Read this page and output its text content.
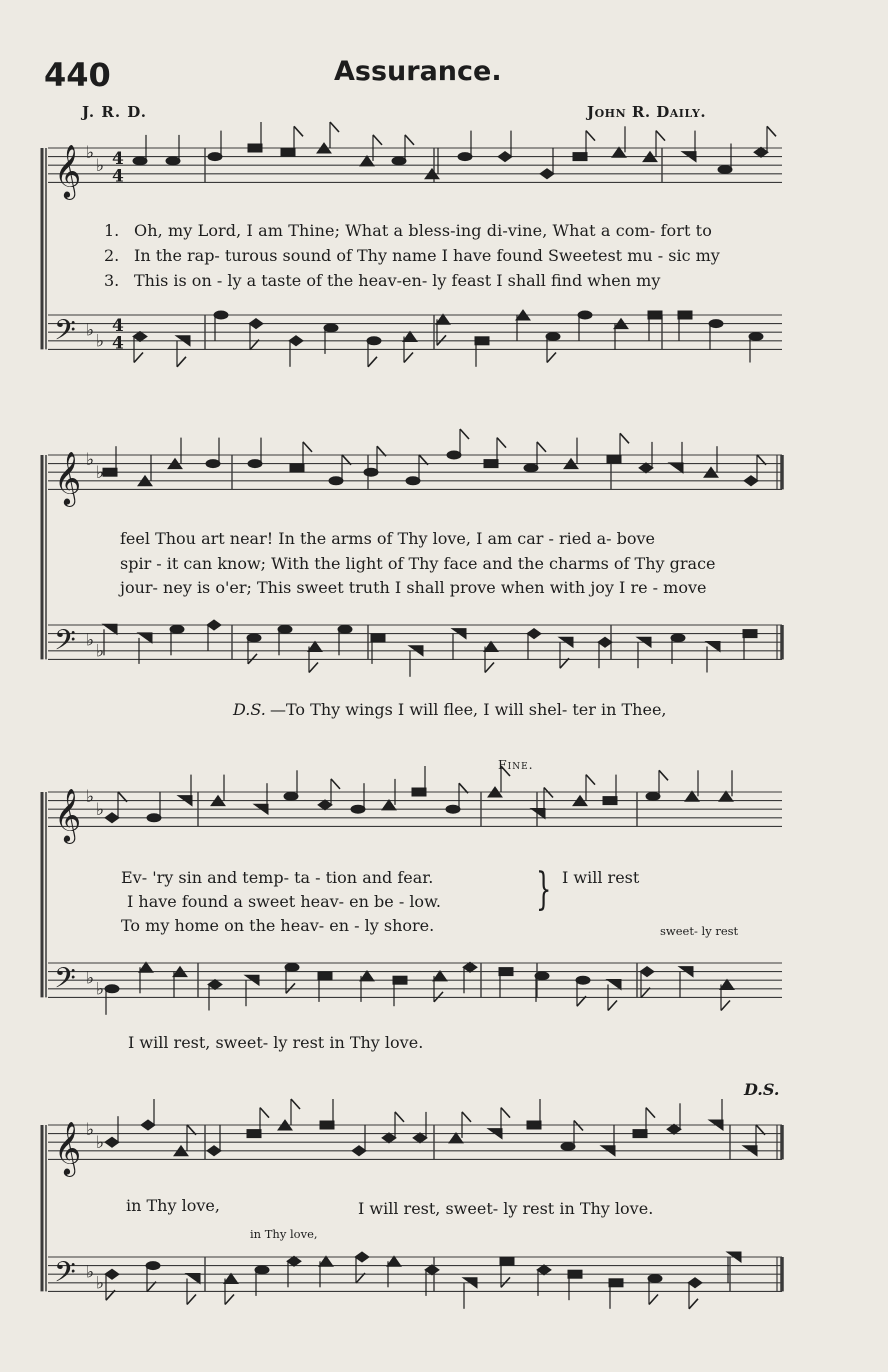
440	Assurance.
J. R. D.	John R. Daily.
𝄞 ♭
♭
𝄢 ♭
♭
𝄞 ♭
♭
𝄢 ♭
♭
𝄞 ♭
♭
𝄢 ♭
♭
𝄞 ♭
♭
𝄢 ♭
♭
4
4
4
4
1. Oh, my Lord, I am Thine; What a bless-ing di-vine, What a com- fort to
2. In the rap- turous sound of Thy name I have found Sweetest mu - sic my
3. This is on - ly a taste of the heav-en- ly feast I shall find when my
feel Thou art near! In the arms of Thy love, I am car - ried a- bove
spir - it can know; With the light of Thy face and the charms of Thy grace
jour- ney is o'er; This sweet truth I shall prove when with joy I re - move
D.S. —To Thy wings I will flee, I will shel- ter in Thee,
Fine.
Ev- 'ry sin and temp- ta - tion and fear.
I have found a sweet heav- en be - low.
To my home on the heav- en - ly shore.
} I will rest
sweet- ly rest
I will rest, sweet- ly rest in Thy love.
D.S.
in Thy love,	I will rest, sweet- ly rest in Thy love.
in Thy love,
